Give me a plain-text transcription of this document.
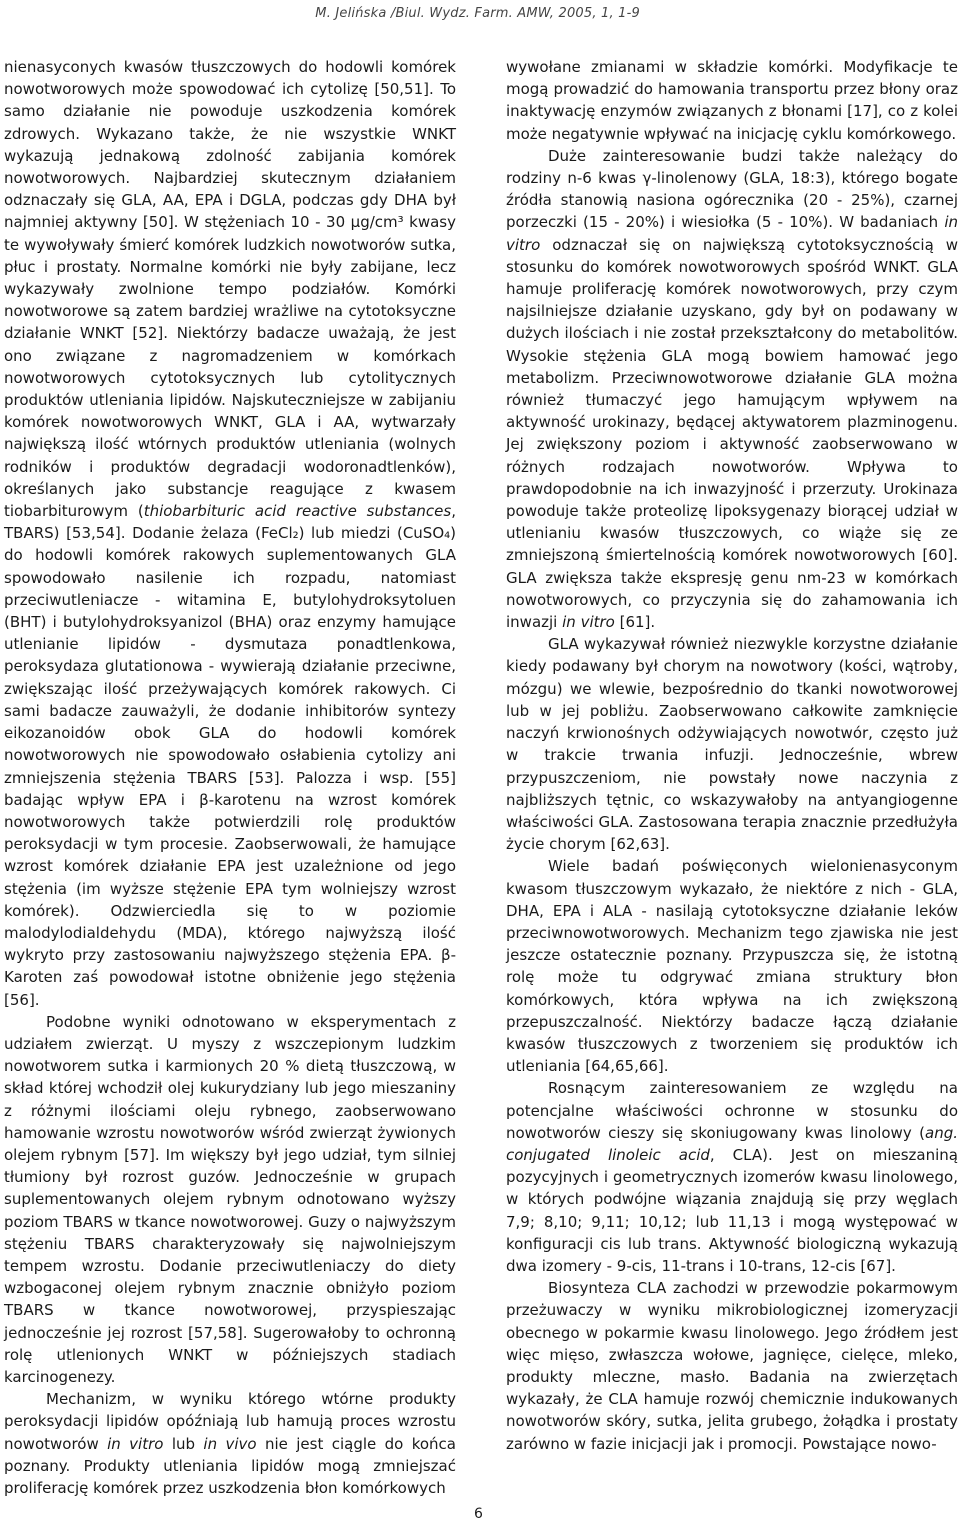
M. Jelińska /Biul. Wydz. Farm. AMW, 2005, 1, 1-9

nienasyconych kwasów tłuszczowych do hodowli komórek nowotworowych może spowodować ich cytolizę [50,51]. To samo działanie nie powoduje uszkodzenia komórek zdrowych. Wykazano także, że nie wszystkie WNKT wykazują jednakową zdolność zabijania komórek nowotworowych. Najbardziej skutecznym działaniem odznaczały się GLA, AA, EPA i DGLA, podczas gdy DHA był najmniej aktywny [50]. W stężeniach 10 - 30 µg/cm³ kwasy te wywoływały śmierć komórek ludzkich nowotworów sutka, płuc i prostaty. Normalne komórki nie były zabijane, lecz wykazywały zwolnione tempo podziałów. Komórki nowotworowe są zatem bardziej wrażliwe na cytotoksyczne działanie WNKT [52]. Niektórzy badacze uważają, że jest ono związane z nagromadzeniem w komórkach nowotworowych cytotoksycznych lub cytolitycznych produktów utleniania lipidów. Najskuteczniejsze w zabijaniu komórek nowotworowych WNKT, GLA i AA, wytwarzały największą ilość wtórnych produktów utleniania (wolnych rodników i produktów degradacji wodoronadtlenków), określanych jako substancje reagujące z kwasem tiobarbiturowym (thiobarbituric acid reactive substances, TBARS) [53,54]. Dodanie żelaza (FeCl₂) lub miedzi (CuSO₄) do hodowli komórek rakowych suplementowanych GLA spowodowało nasilenie ich rozpadu, natomiast przeciwutleniacze - witamina E, butylohydroksytoluen (BHT) i butylohydroksyanizol (BHA) oraz enzymy hamujące utlenianie lipidów - dysmutaza ponadtlenkowa, peroksydaza glutationowa - wywierają działanie przeciwne, zwiększając ilość przeżywających komórek rakowych. Ci sami badacze zauważyli, że dodanie inhibitorów syntezy eikozanoidów obok GLA do hodowli komórek nowotworowych nie spowodowało osłabienia cytolizy ani zmniejszenia stężenia TBARS [53]. Palozza i wsp. [55] badając wpływ EPA i β-karotenu na wzrost komórek nowotworowych także potwierdzili rolę produktów peroksydacji w tym procesie. Zaobserwowali, że hamujące wzrost komórek działanie EPA jest uzależnione od jego stężenia (im wyższe stężenie EPA tym wolniejszy wzrost komórek). Odzwierciedla się to w poziomie malodylodialdehydu (MDA), którego najwyższą ilość wykryto przy zastosowaniu najwyższego stężenia EPA. β-Karoten zaś powodował istotne obniżenie jego stężenia [56].

Podobne wyniki odnotowano w eksperymentach z udziałem zwierząt. U myszy z wszczepionym ludzkim nowotworem sutka i karmionych 20 % dietą tłuszczową, w skład której wchodził olej kukurydziany lub jego mieszaniny z różnymi ilościami oleju rybnego, zaobserwowano hamowanie wzrostu nowotworów wśród zwierząt żywionych olejem rybnym [57]. Im większy był jego udział, tym silniej tłumiony był rozrost guzów. Jednocześnie w grupach suplementowanych olejem rybnym odnotowano wyższy poziom TBARS w tkance nowotworowej. Guzy o najwyższym stężeniu TBARS charakteryzowały się najwolniejszym tempem wzrostu. Dodanie przeciwutleniaczy do diety wzbogaconej olejem rybnym znacznie obniżyło poziom TBARS w tkance nowotworowej, przyspieszając jednocześnie jej rozrost [57,58]. Sugerowałoby to ochronną rolę utlenionych WNKT w późniejszych stadiach karcinogenezy.

Mechanizm, w wyniku którego wtórne produkty peroksydacji lipidów opóźniają lub hamują proces wzrostu nowotworów in vitro lub in vivo nie jest ciągle do końca poznany. Produkty utleniania lipidów mogą zmniejszać proliferację komórek przez uszkodzenia błon komórkowych

wywołane zmianami w składzie komórki. Modyfikacje te mogą prowadzić do hamowania transportu przez błony oraz inaktywację enzymów związanych z błonami [17], co z kolei może negatywnie wpływać na inicjację cyklu komórkowego.

Duże zainteresowanie budzi także należący do rodziny n-6 kwas γ-linolenowy (GLA, 18:3), którego bogate źródła stanowią nasiona ogórecznika (20 - 25%), czarnej porzeczki (15 - 20%) i wiesiołka (5 - 10%). W badaniach in vitro odznaczał się on największą cytotoksycznością w stosunku do komórek nowotworowych spośród WNKT. GLA hamuje proliferację komórek nowotworowych, przy czym najsilniejsze działanie uzyskano, gdy był on podawany w dużych ilościach i nie został przekształcony do metabolitów. Wysokie stężenia GLA mogą bowiem hamować jego metabolizm. Przeciwnowotworowe działanie GLA można również tłumaczyć jego hamującym wpływem na aktywność urokinazy, będącej aktywatorem plazminogenu. Jej zwiększony poziom i aktywność zaobserwowano w różnych rodzajach nowotworów. Wpływa to prawdopodobnie na ich inwazyjność i przerzuty. Urokinaza powoduje także proteolizę lipoksygenazy biorącej udział w utlenianiu kwasów tłuszczowych, co wiąże się ze zmniejszoną śmiertelnością komórek nowotworowych [60]. GLA zwiększa także ekspresję genu nm-23 w komórkach nowotworowych, co przyczynia się do zahamowania ich inwazji in vitro [61].

GLA wykazywał również niezwykle korzystne działanie kiedy podawany był chorym na nowotwory (kości, wątroby, mózgu) we wlewie, bezpośrednio do tkanki nowotworowej lub w jej pobliżu. Zaobserwowano całkowite zamknięcie naczyń krwionośnych odżywiających nowotwór, często już w trakcie trwania infuzji. Jednocześnie, wbrew przypuszczeniom, nie powstały nowe naczynia z najbliższych tętnic, co wskazywałoby na antyangiogenne właściwości GLA. Zastosowana terapia znacznie przedłużyła życie chorym [62,63].

Wiele badań poświęconych wielonienasyconym kwasom tłuszczowym wykazało, że niektóre z nich - GLA, DHA, EPA i ALA - nasilają cytotoksyczne działanie leków przeciwnowotworowych. Mechanizm tego zjawiska nie jest jeszcze ostatecznie poznany. Przypuszcza się, że istotną rolę może tu odgrywać zmiana struktury błon komórkowych, która wpływa na ich zwiększoną przepuszczalność. Niektórzy badacze łączą działanie kwasów tłuszczowych z tworzeniem się produktów ich utleniania [64,65,66].

Rosnącym zainteresowaniem ze względu na potencjalne właściwości ochronne w stosunku do nowotworów cieszy się skoniugowany kwas linolowy (ang. conjugated linoleic acid, CLA). Jest on mieszaniną pozycyjnych i geometrycznych izomerów kwasu linolowego, w których podwójne wiązania znajdują się przy węglach 7,9; 8,10; 9,11; 10,12; lub 11,13 i mogą występować w konfiguracji cis lub trans. Aktywność biologiczną wykazują dwa izomery - 9-cis, 11-trans i 10-trans, 12-cis [67].

Biosynteza CLA zachodzi w przewodzie pokarmowym przeżuwaczy w wyniku mikrobiologicznej izomeryzacji obecnego w pokarmie kwasu linolowego. Jego źródłem jest więc mięso, zwłaszcza wołowe, jagnięce, cielęce, mleko, produkty mleczne, masło. Badania na zwierzętach wykazały, że CLA hamuje rozwój chemicznie indukowanych nowotworów skóry, sutka, jelita grubego, żołądka i prostaty zarówno w fazie inicjacji jak i promocji. Powstające nowo-

6
